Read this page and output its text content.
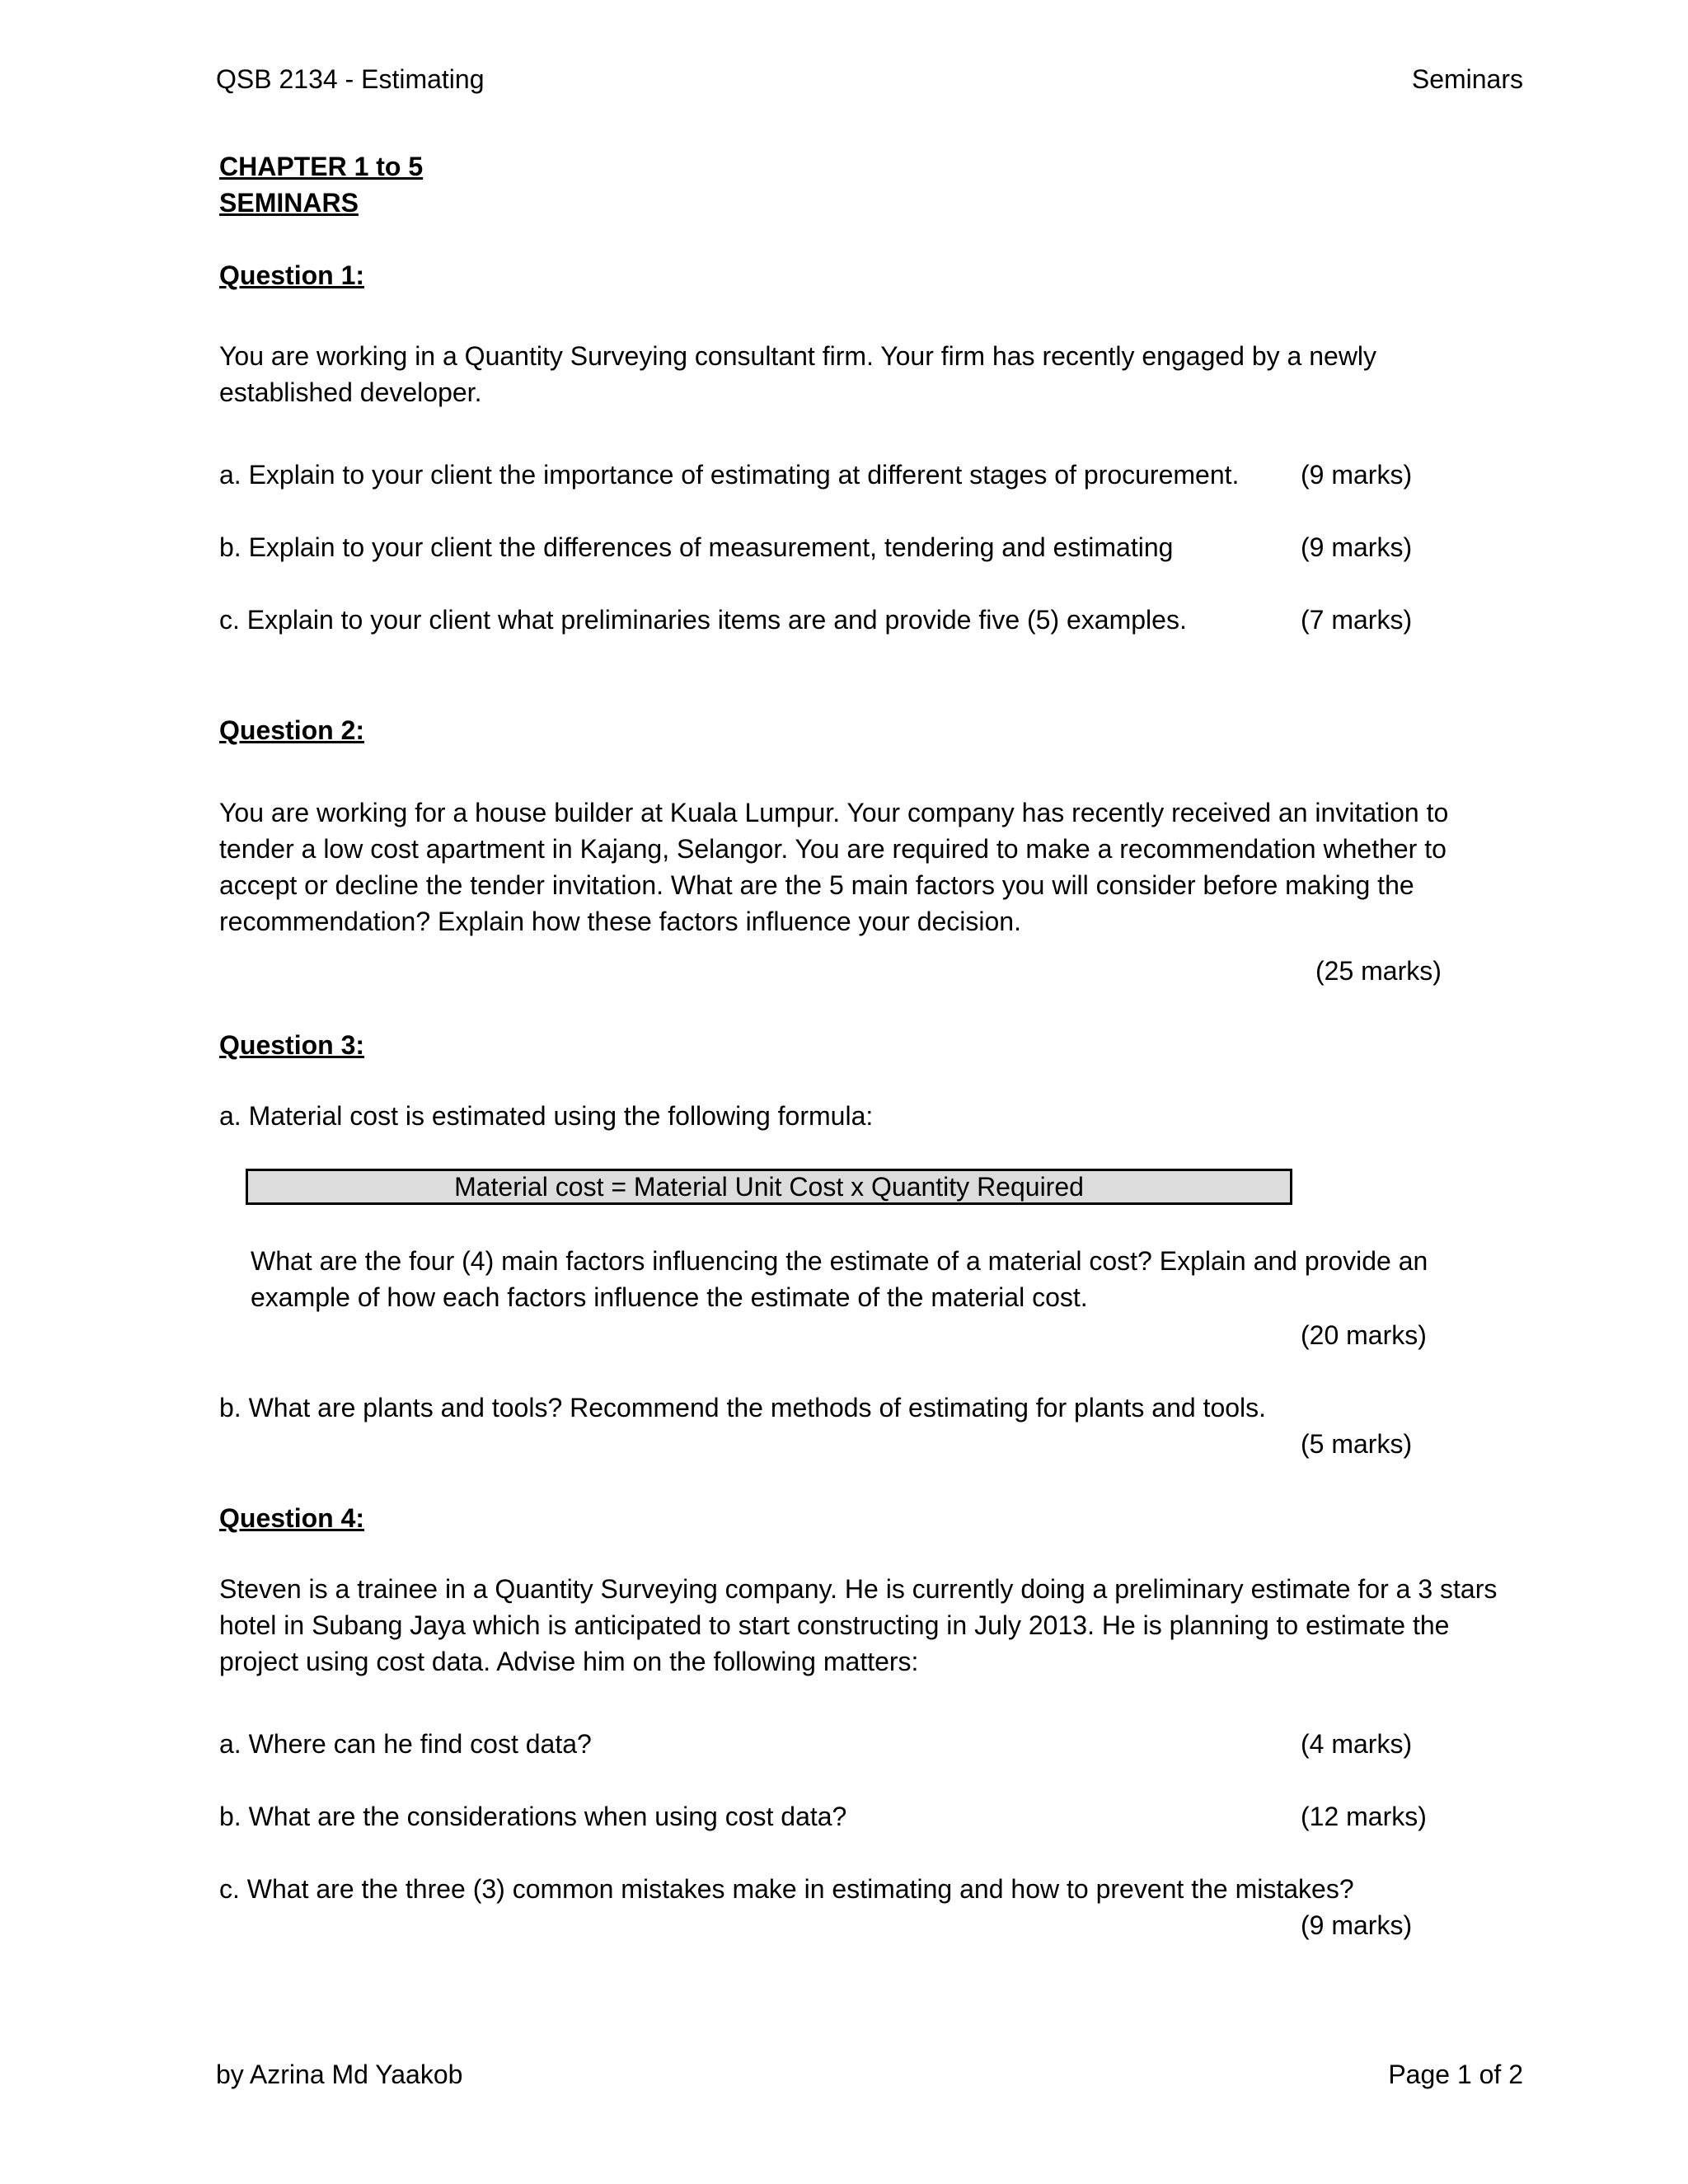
QSB 2134 - Estimating	Seminars
CHAPTER 1 to 5
SEMINARS
Question 1:
You are working in a Quantity Surveying consultant firm. Your firm has recently engaged by a newly
established developer.
a. Explain to your client the importance of estimating at different stages of procurement. (9 marks)
b. Explain to your client the differences of measurement, tendering and estimating	(9 marks)
c. Explain to your client what preliminaries items are and provide five (5) examples.	(7 marks)
Question 2:
You are working for a house builder at Kuala Lumpur. Your company has recently received an invitation to
tender a low cost apartment in Kajang, Selangor. You are required to make a recommendation whether to
accept or decline the tender invitation. What are the 5 main factors you will consider before making the
recommendation? Explain how these factors influence your decision.
(25 marks)
Question 3:
a. Material cost is estimated using the following formula:
Material cost = Material Unit Cost x Quantity Required
What are the four (4) main factors influencing the estimate of a material cost? Explain and provide an
example of how each factors influence the estimate of the material cost.
(20 marks)
b. What are plants and tools? Recommend the methods of estimating for plants and tools.
(5 marks)
Question 4:
Steven is a trainee in a Quantity Surveying company. He is currently doing a preliminary estimate for a 3 stars
hotel in Subang Jaya which is anticipated to start constructing in July 2013. He is planning to estimate the
project using cost data. Advise him on the following matters:
a. Where can he find cost data?	(4 marks)
b. What are the considerations when using cost data?	(12 marks)
c. What are the three (3) common mistakes make in estimating and how to prevent the mistakes?
(9 marks)
by Azrina Md Yaakob	Page 1 of 2
